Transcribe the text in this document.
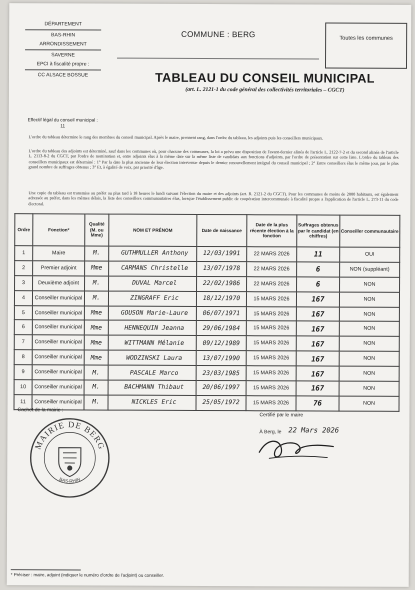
DÉPARTEMENT
BAS-RHIN
ARRONDISSEMENT
SAVERNE
EPCI à fiscalité propre :
CC ALSACE BOSSUE
COMMUNE : BERG	Toutes les communes
TABLEAU DU CONSEIL MUNICIPAL
(art. L. 2121-1 du code général des collectivités territoriales – CGCT)
Effectif légal du conseil municipal :
11
L'ordre du tableau détermine le rang des membres du conseil municipal. Après le maire, prennent rang, dans l'ordre du tableau, les adjoints puis les conseillers municipaux.
L'ordre du tableau des adjoints est déterminé, sauf dans les communes où, pour chacune des communes, la loi a prévu une disposition de l'avant-dernier alinéa de l'article L. 2122-7-2 et du second alinéa de l'article L. 2113-8-2 du CGCT, par l'ordre de nomination et, entre adjoints élus à la même date sur la même liste de candidats aux fonctions d'adjoints, par l'ordre de présentation sur cette liste. L'ordre du tableau des conseillers municipaux est déterminé : 1° Par la date la plus ancienne de leur élection intervenue depuis le dernier renouvellement intégral du conseil municipal ; 2° Entre conseillers élus le même jour, par le plus grand nombre de suffrages obtenus ; 3° Et, à égalité de voix, par priorité d'âge.
Une copie du tableau est transmise au préfet au plus tard à 18 heures le lundi suivant l'élection du maire et des adjoints (art. R. 2121-2 du CGCT). Pour les communes de moins de 2000 habitants, est également adressée au préfet, dans les mêmes délais, la liste des conseillers communautaires élus, lorsque l'établissement public de coopération intercommunale à fiscalité propre a l'application de l'article L. 273-11 du code électoral.
Ordre	Fonction*	Qualité (M. ou Mme)	NOM ET PRÉNOM	Date de naissance	Date de la plus récente élection à la fonction	Suffrages obtenus par le candidat (en chiffres)	Conseiller communautaire
1	Maire	M.	GUTHMULLER Anthony	12/03/1991	22 MARS 2026	11	OUI
2	Premier adjoint	Mme	CARMANS Christelle	13/07/1978	22 MARS 2026	6	NON (suppléant)
3	Deuxième adjoint	M.	DUVAL Marcel	22/02/1986	22 MARS 2026	6	NON
4	Conseiller municipal	M.	ZINGRAFF Eric	18/12/1970	15 MARS 2026	167	NON
5	Conseiller municipal	Mme	GOUSON Marie-Laure	06/07/1971	15 MARS 2026	167	NON
6	Conseiller municipal	Mme	HENNEQUIN Jeanna	29/06/1984	15 MARS 2026	167	NON
7	Conseiller municipal	Mme	WITTMANN Mélanie	09/12/1989	15 MARS 2026	167	NON
8	Conseiller municipal	Mme	WODZINSKI Laura	13/07/1990	15 MARS 2026	167	NON
9	Conseiller municipal	M.	PASCALE Marco	23/03/1985	15 MARS 2026	167	NON
10	Conseiller municipal	M.	BACHMANN Thibaut	20/06/1997	15 MARS 2026	167	NON
11	Conseiller municipal	M.	NICKLES Eric	25/05/1972	15 MARS 2026	76	NON
Cachet de la mairie :
Certifié par le maire
À Berg, le 22 Mars 2026
MAIRIE DE BERG
BAS-RHIN
* Préciser : maire, adjoint (indiquer le numéro d'ordre de l'adjoint) ou conseiller.
